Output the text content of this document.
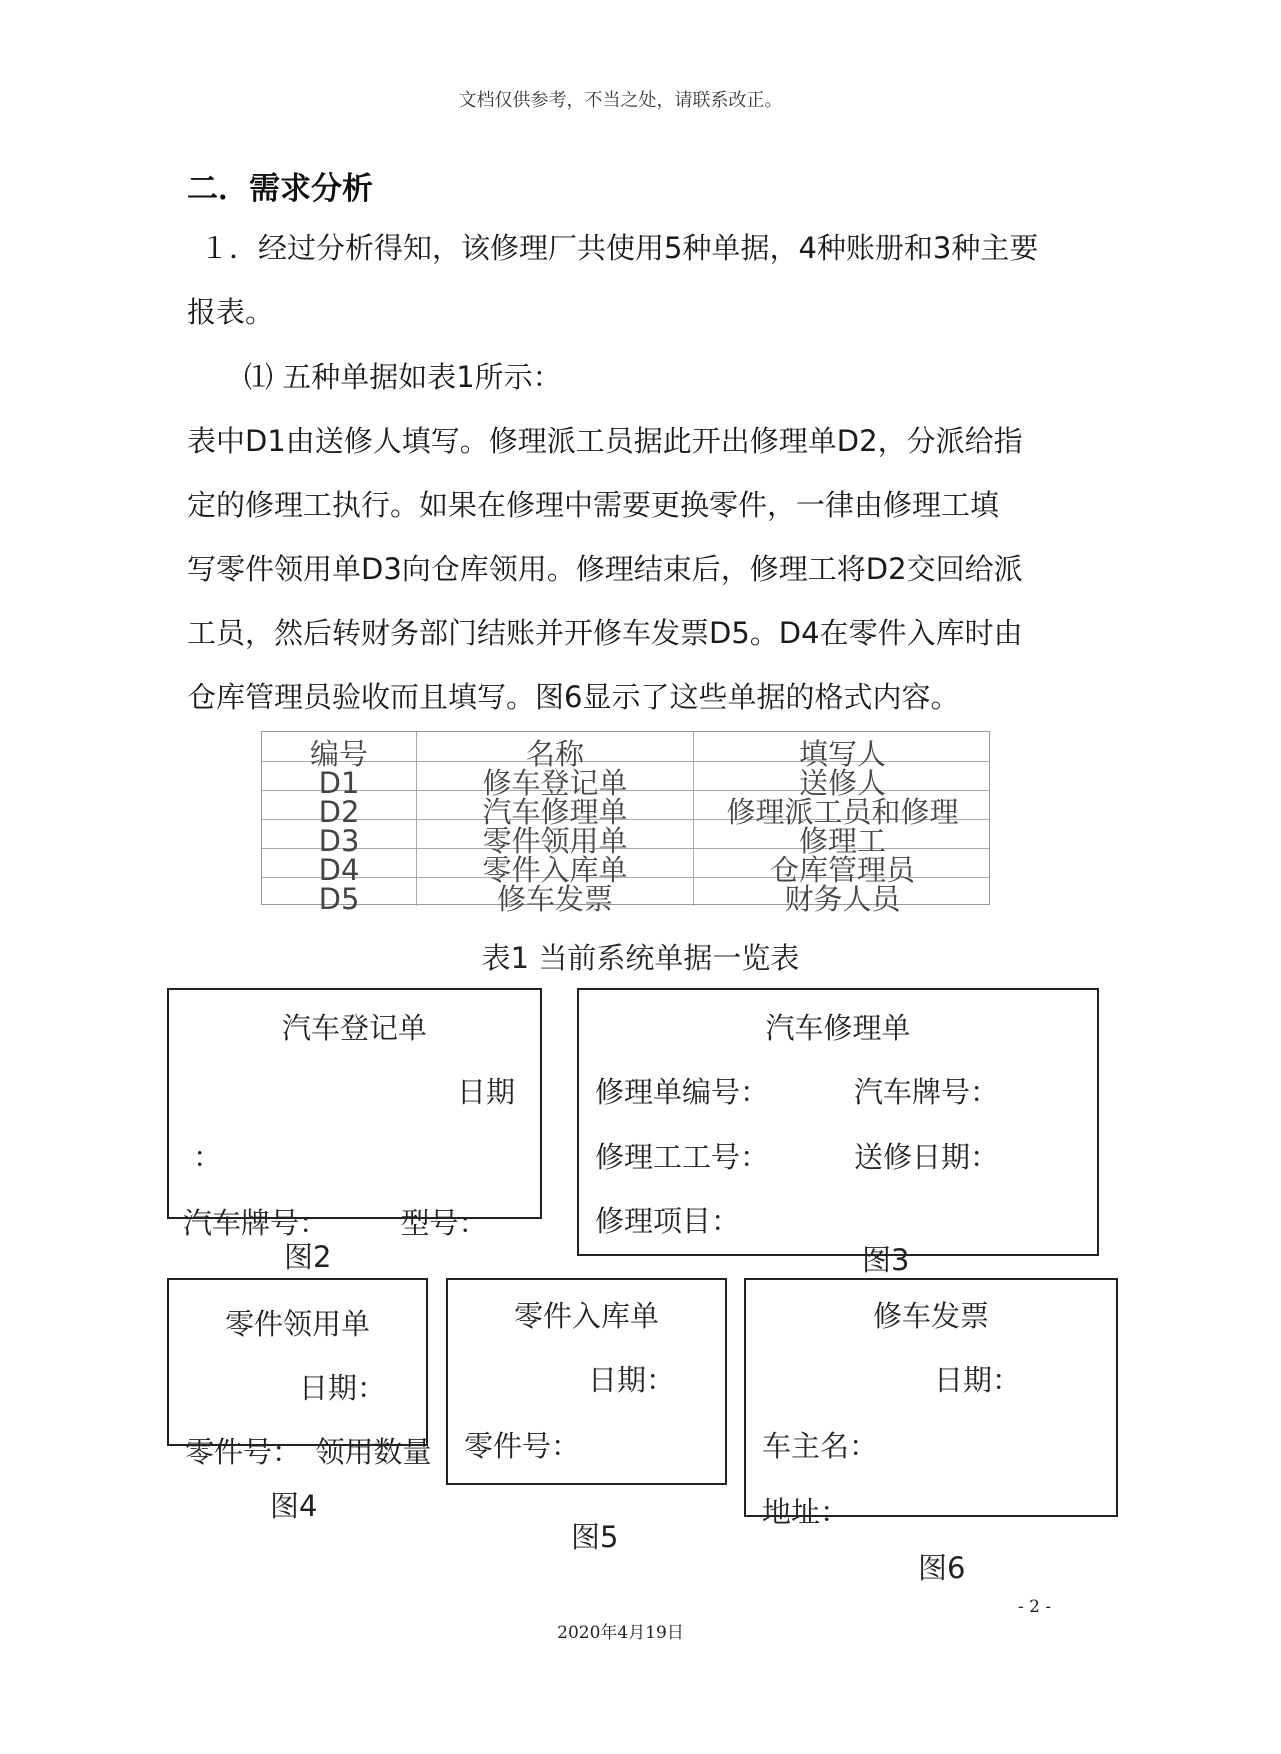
文档仅供参考，不当之处，请联系改正。
二．需求分析
１．经过分析得知，该修理厂共使用5种单据，4种账册和3种主要
报表。
⑴ 五种单据如表1所示：
表中D1由送修人填写。修理派工员据此开出修理单D2，分派给指
定的修理工执行。如果在修理中需要更换零件，一律由修理工填
写零件领用单D3向仓库领用。修理结束后，修理工将D2交回给派
工员，然后转财务部门结账并开修车发票D5。D4在零件入库时由
仓库管理员验收而且填写。图6显示了这些单据的格式内容。
编号	名称	填写人
D1	修车登记单	送修人
D2	汽车修理单	修理派工员和修理
D3	零件领用单	修理工
D4	零件入库单	仓库管理员
D5	修车发票	财务人员
表1 当前系统单据一览表
汽车登记单
日期
：
汽车牌号：　　　型号：
图2
汽车修理单
修理单编号：	汽车牌号：
修理工工号：	送修日期：
修理项目：
图3
零件领用单
日期：
零件号：　领用数量
图4
零件入库单
日期：
零件号：
图5
修车发票
日期：
车主名：
地址：
图6
- 2 -
2020年4月19日
